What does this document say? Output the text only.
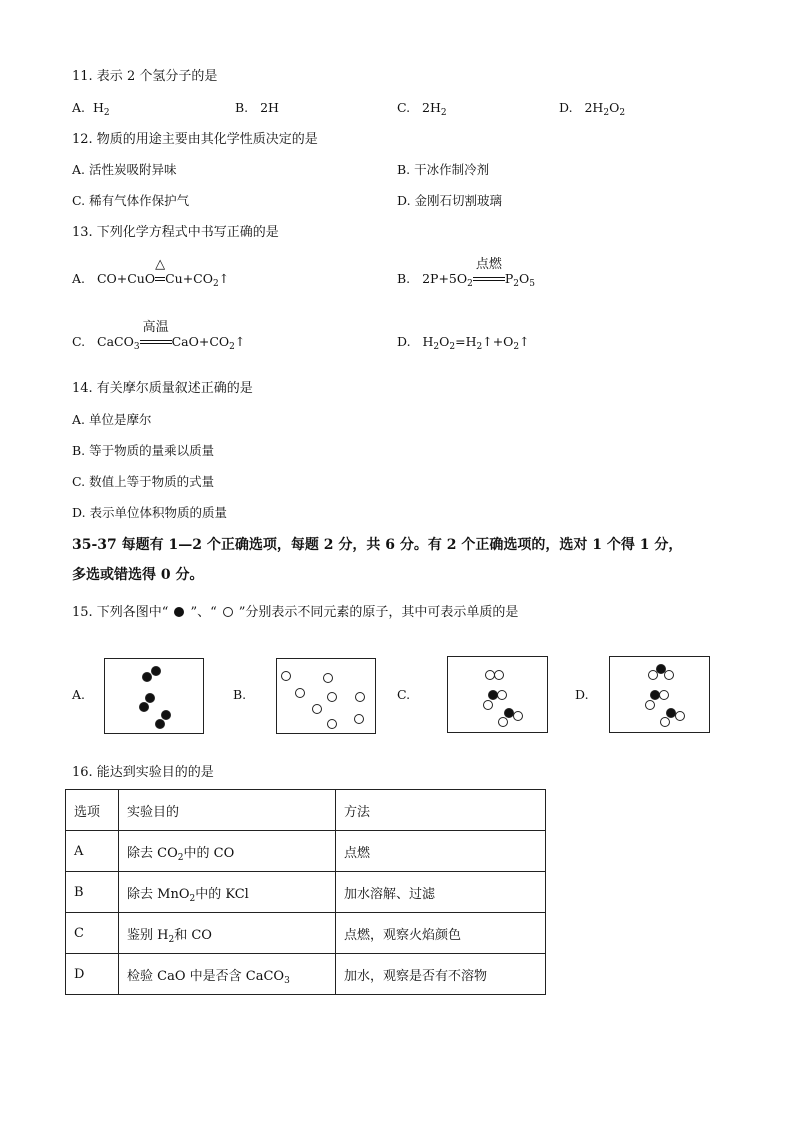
11. 表示 2 个氢分子的是
A. $H_2$	B. 2H	C. $2H_2$	D. $2H_2O_2$
12. 物质的用途主要由其化学性质决定的是
A. 活性炭吸附异味	B. 干冰作制冷剂
C. 稀有气体作保护气	D. 金刚石切割玻璃
13. 下列化学方程式中书写正确的是
A. CO+CuO
△
$Cu+CO_2↑$	B. $2P+5O_2$
点燃
$P_2O_5$
C. CaCO$_3$
高温
$CaO+CO_2↑$	D. $H_2O_2=H_2↑+O_2↑$
14. 有关摩尔质量叙述正确的是
A. 单位是摩尔
B. 等于物质的量乘以质量
C. 数值上等于物质的式量
D. 表示单位体积物质的质量
35-37 每题有 1—2 个正确选项，每题 2 分，共 6 分。有 2 个正确选项的，选对 1 个得 1 分，
多选或错选得 0 分。
15. 下列各图中“ ”、“ ”分别表示不同元素的原子，其中可表示单质的是
A.	B.	C.	D.
16. 能达到实验目的的是
选项	实验目的	方法
A	除去 $CO_2$中的 CO	点燃
B	除去 MnO$_2$中的 KCl	加水溶解、过滤
C	鉴别 $H_2$和 CO	点燃，观察火焰颜色
D	检验 CaO 中是否含 CaCO$_3$	加水，观察是否有不溶物
